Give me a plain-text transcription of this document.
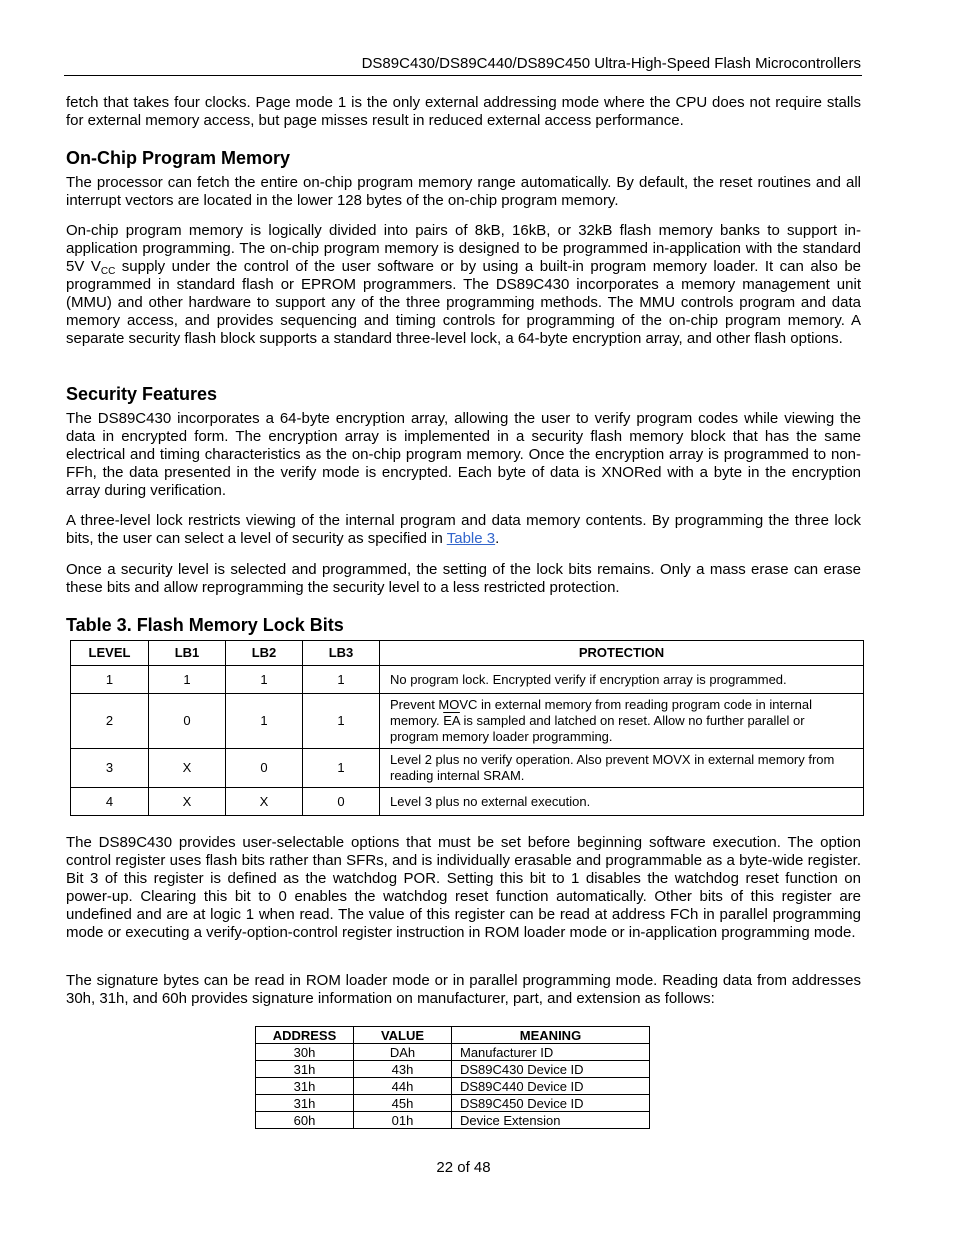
DS89C430/DS89C440/DS89C450 Ultra-High-Speed Flash Microcontrollers

fetch that takes four clocks. Page mode 1 is the only external addressing mode where the CPU does not require stalls for external memory access, but page misses result in reduced external access performance.

On-Chip Program Memory

The processor can fetch the entire on-chip program memory range automatically. By default, the reset routines and all interrupt vectors are located in the lower 128 bytes of the on-chip program memory.

On-chip program memory is logically divided into pairs of 8kB, 16kB, or 32kB flash memory banks to support in-application programming. The on-chip program memory is designed to be programmed in-application with the standard 5V $V_{CC}$ supply under the control of the user software or by using a built-in program memory loader. It can also be programmed in standard flash or EPROM programmers. The DS89C430 incorporates a memory management unit (MMU) and other hardware to support any of the three programming methods. The MMU controls program and data memory access, and provides sequencing and timing controls for programming of the on-chip program memory. A separate security flash block supports a standard three-level lock, a 64-byte encryption array, and other flash options.

Security Features

The DS89C430 incorporates a 64-byte encryption array, allowing the user to verify program codes while viewing the data in encrypted form. The encryption array is implemented in a security flash memory block that has the same electrical and timing characteristics as the on-chip program memory. Once the encryption array is programmed to non-FFh, the data presented in the verify mode is encrypted. Each byte of data is XNORed with a byte in the encryption array during verification.

A three-level lock restricts viewing of the internal program and data memory contents. By programming the three lock bits, the user can select a level of security as specified in Table 3.

Once a security level is selected and programmed, the setting of the lock bits remains. Only a mass erase can erase these bits and allow reprogramming the security level to a less restricted protection.

Table 3. Flash Memory Lock Bits
LEVEL	LB1	LB2	LB3	PROTECTION
1	1	1	1	No program lock. Encrypted verify if encryption array is programmed.
2	0	1	1	Prevent MOVC in external memory from reading program code in internal memory. $\overline{EA}$ is sampled and latched on reset. Allow no further parallel or program memory loader programming.
3	X	0	1	Level 2 plus no verify operation. Also prevent MOVX in external memory from reading internal SRAM.
4	X	X	0	Level 3 plus no external execution.

The DS89C430 provides user-selectable options that must be set before beginning software execution. The option control register uses flash bits rather than SFRs, and is individually erasable and programmable as a byte-wide register. Bit 3 of this register is defined as the watchdog POR. Setting this bit to 1 disables the watchdog reset function on power-up. Clearing this bit to 0 enables the watchdog reset function automatically. Other bits of this register are undefined and are at logic 1 when read. The value of this register can be read at address FCh in parallel programming mode or executing a verify-option-control register instruction in ROM loader mode or in-application programming mode.

The signature bytes can be read in ROM loader mode or in parallel programming mode. Reading data from addresses 30h, 31h, and 60h provides signature information on manufacturer, part, and extension as follows:

ADDRESS	VALUE	MEANING
30h	DAh	Manufacturer ID
31h	43h	DS89C430 Device ID
31h	44h	DS89C440 Device ID
31h	45h	DS89C450 Device ID
60h	01h	Device Extension
22 of 48
